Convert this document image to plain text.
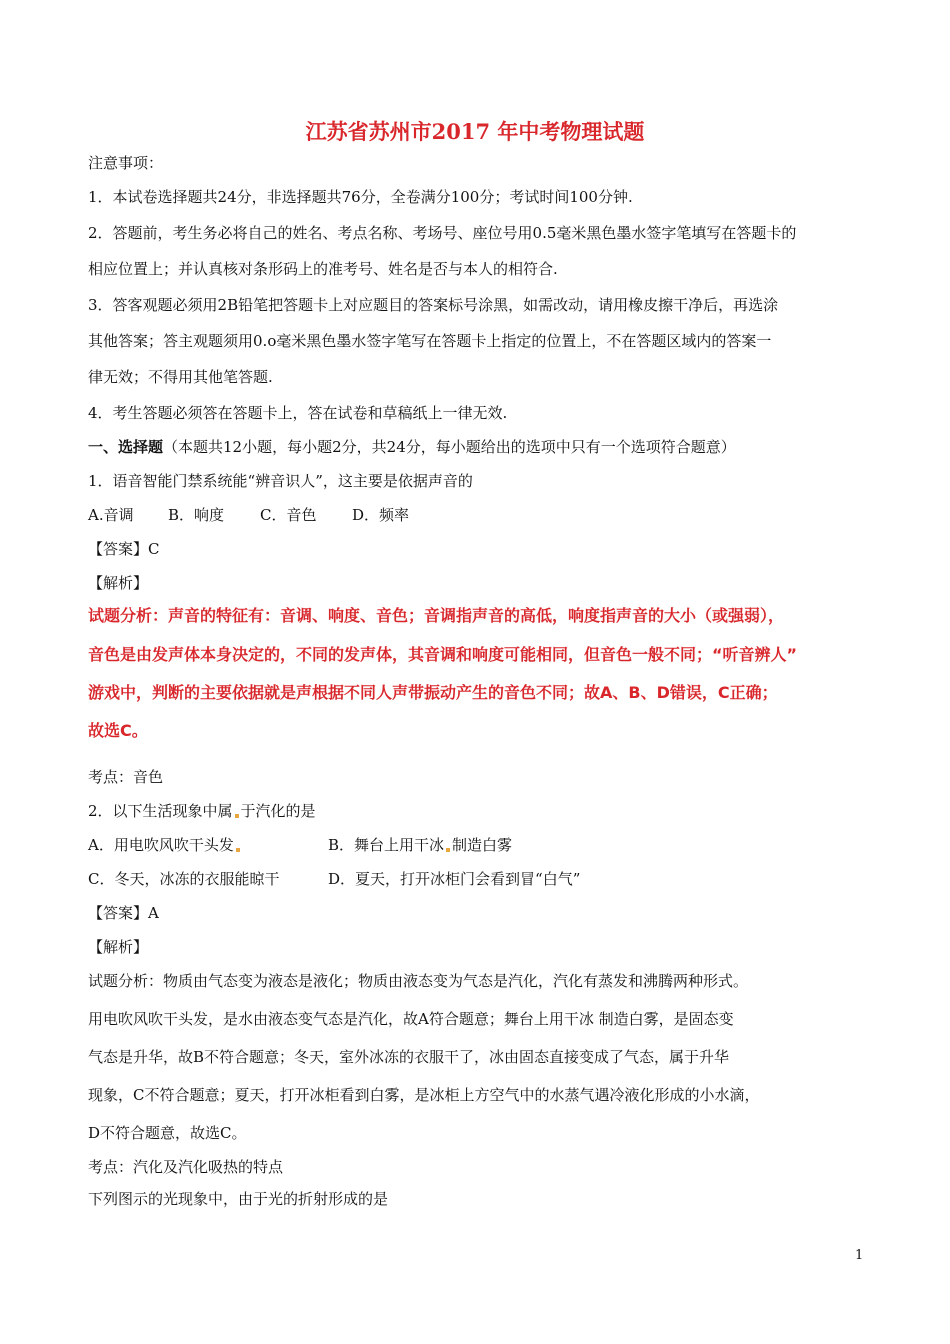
江苏省苏州市2017 年中考物理试题
注意事项：
1．本试卷选择题共24分，非选择题共76分，全卷满分100分；考试时间100分钟.
2．答题前，考生务必将自己的姓名、考点名称、考场号、座位号用0.5毫米黑色墨水签字笔填写在答题卡的
相应位置上；并认真核对条形码上的准考号、姓名是否与本人的相符合.
3．答客观题必须用2B铅笔把答题卡上对应题目的答案标号涂黑，如需改动，请用橡皮擦干净后，再选涂
其他答案；答主观题须用0.o毫米黑色墨水签字笔写在答题卡上指定的位置上，不在答题区域内的答案一
律无效；不得用其他笔答题.
4．考生答题必须答在答题卡上，答在试卷和草稿纸上一律无效.
一、选择题（本题共12小题，每小题2分，共24分，每小题给出的选项中只有一个选项符合题意）
1．语音智能门禁系统能“辨音识人”，这主要是依据声音的
A.音调 B．响度 C．音色 D．频率
【答案】C
【解析】
试题分析：声音的特征有：音调、响度、音色；音调指声音的高低，响度指声音的大小（或强弱），
音色是由发声体本身决定的，不同的发声体，其音调和响度可能相同，但音色一般不同；“听音辨人”
游戏中，判断的主要依据就是声根据不同人声带振动产生的音色不同；故A、B、D错误，C正确；
故选C。
考点：音色
2．以下生活现象中属 于汽化的是
A．用电吹风吹干头发	B．舞台上用干冰 制造白雾
C．冬天，冰冻的衣服能晾干	D．夏天，打开冰柜门会看到冒“白气”
【答案】A
【解析】
试题分析：物质由气态变为液态是液化；物质由液态变为气态是汽化，汽化有蒸发和沸腾两种形式。
用电吹风吹干头发，是水由液态变气态是汽化，故A符合题意；舞台上用干冰 制造白雾，是固态变
气态是升华，故B不符合题意；冬天，室外冰冻的衣服干了，冰由固态直接变成了气态，属于升华
现象，C不符合题意；夏天，打开冰柜看到白雾，是冰柜上方空气中的水蒸气遇冷液化形成的小水滴，
D不符合题意，故选C。
考点：汽化及汽化吸热的特点
下列图示的光现象中，由于光的折射形成的是
1
